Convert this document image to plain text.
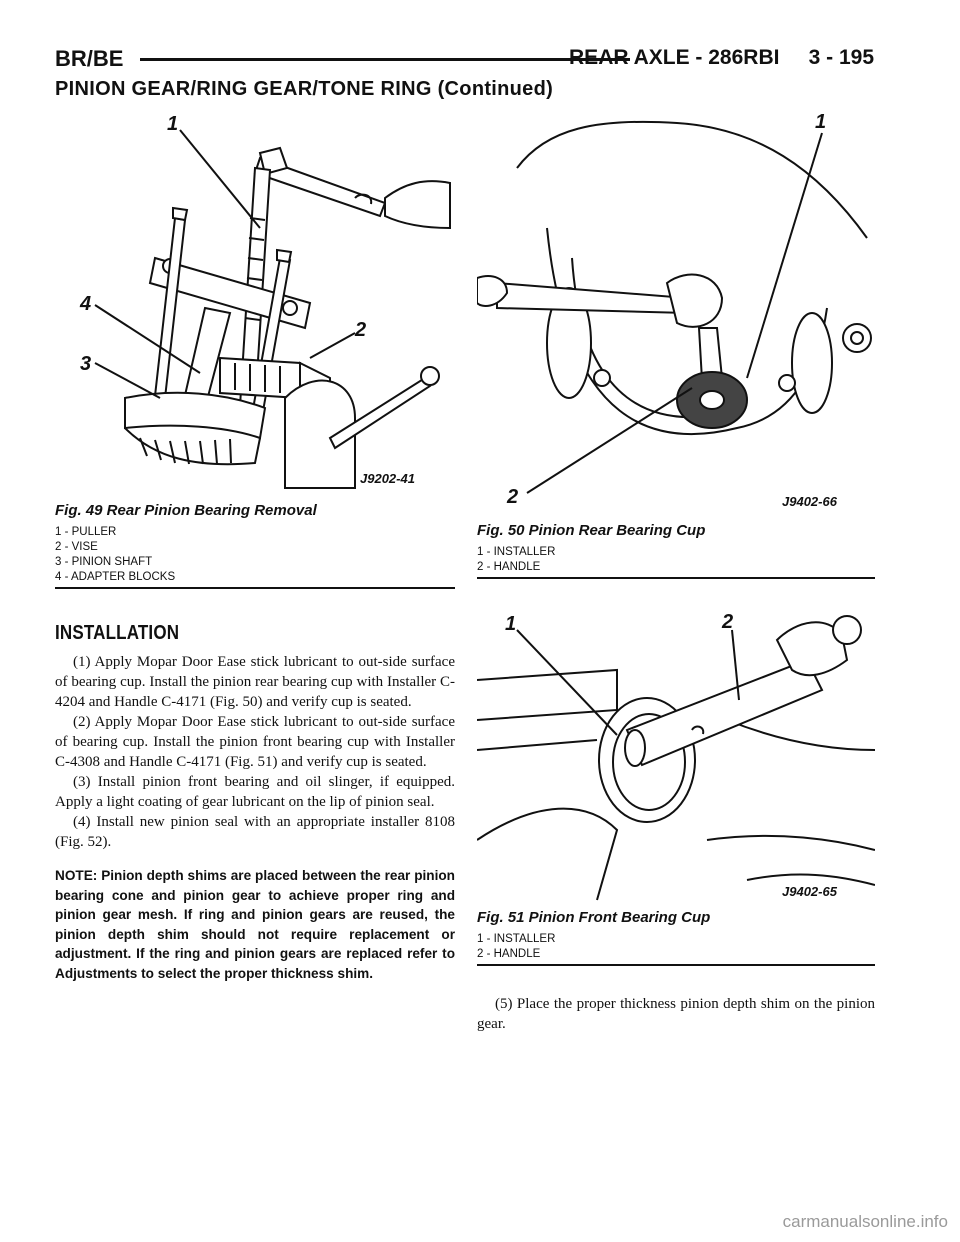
BR/BE	REAR AXLE - 286RBI     3 - 195
PINION GEAR/RING GEAR/TONE RING (Continued)
1
2
3
4
J9202-41
Fig. 49 Rear Pinion Bearing Removal
1 - PULLER
2 - VISE
3 - PINION SHAFT
4 - ADAPTER BLOCKS
1
2	J9402-66
Fig. 50 Pinion Rear Bearing Cup
1 - INSTALLER
2 - HANDLE
1	2
J9402-65
Fig. 51 Pinion Front Bearing Cup
1 - INSTALLER
2 - HANDLE
INSTALLATION

(1) Apply Mopar Door Ease stick lubricant to out-side surface of bearing cup. Install the pinion rear bearing cup with Installer C-4204 and Handle C-4171 (Fig. 50) and verify cup is seated.

(2) Apply Mopar Door Ease stick lubricant to out-side surface of bearing cup. Install the pinion front bearing cup with Installer C-4308 and Handle C-4171 (Fig. 51) and verify cup is seated.

(3) Install pinion front bearing and oil slinger, if equipped. Apply a light coating of gear lubricant on the lip of pinion seal.

(4) Install new pinion seal with an appropriate installer 8108 (Fig. 52).

NOTE: Pinion depth shims are placed between the rear pinion bearing cone and pinion gear to achieve proper ring and pinion gear mesh. If ring and pinion gears are reused, the pinion depth shim should not require replacement or adjustment. If the ring and pinion gears are replaced refer to Adjustments to select the proper thickness shim.

(5) Place the proper thickness pinion depth shim on the pinion gear.

carmanualsonline.info
